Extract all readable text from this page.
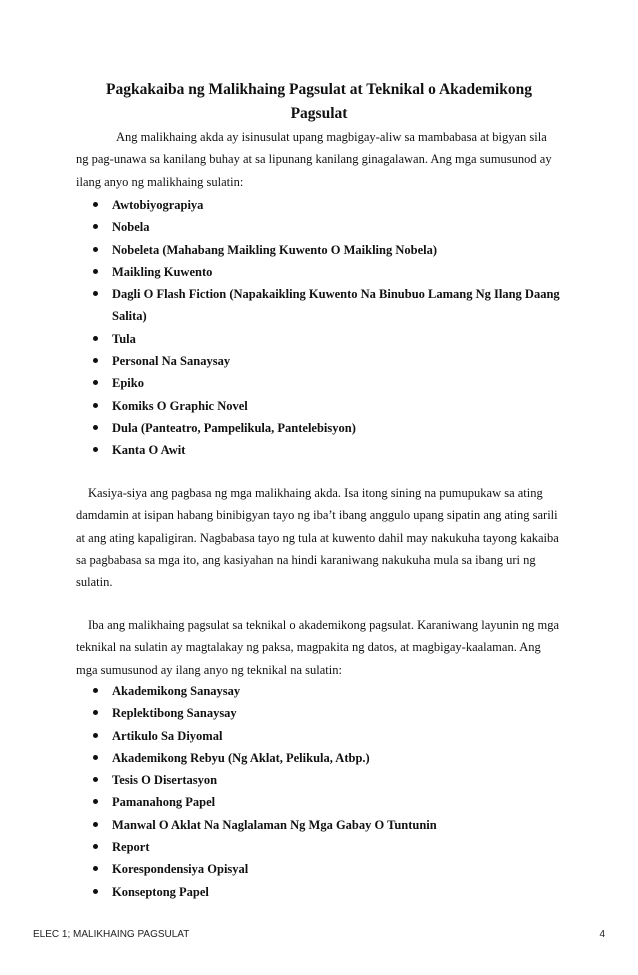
Pagkakaiba ng Malikhaing Pagsulat at Teknikal o Akademikong Pagsulat

Ang malikhaing akda ay isinusulat upang magbigay-aliw sa mambabasa at bigyan sila ng pag-unawa sa kanilang buhay at sa lipunang kanilang ginagalawan. Ang mga sumusunod ay ilang anyo ng malikhaing sulatin:

Awtobiyograpiya
Nobela
Nobeleta (Mahabang Maikling Kuwento O Maikling Nobela)
Maikling Kuwento
Dagli O Flash Fiction (Napakaikling Kuwento Na Binubuo Lamang Ng Ilang Daang Salita)
Tula
Personal Na Sanaysay
Epiko
Komiks O Graphic Novel
Dula (Panteatro, Pampelikula, Pantelebisyon)
Kanta O Awit

Kasiya-siya ang pagbasa ng mga malikhaing akda. Isa itong sining na pumupukaw sa ating damdamin at isipan habang binibigyan tayo ng iba’t ibang anggulo upang sipatin ang ating sarili at ang ating kapaligiran. Nagbabasa tayo ng tula at kuwento dahil may nakukuha tayong kakaiba sa pagbabasa sa mga ito, ang kasiyahan na hindi karaniwang nakukuha mula sa ibang uri ng sulatin.

Iba ang malikhaing pagsulat sa teknikal o akademikong pagsulat. Karaniwang layunin ng mga teknikal na sulatin ay magtalakay ng paksa, magpakita ng datos, at magbigay-kaalaman. Ang mga sumusunod ay ilang anyo ng teknikal na sulatin:

Akademikong Sanaysay
Replektibong Sanaysay
Artikulo Sa Diyomal
Akademikong Rebyu (Ng Aklat, Pelikula, Atbp.)
Tesis O Disertasyon
Pamanahong Papel
Manwal O Aklat Na Naglalaman Ng Mga Gabay O Tuntunin
Report
Korespondensiya Opisyal
Konseptong Papel
ELEC 1; MALIKHAING PAGSULAT	4
